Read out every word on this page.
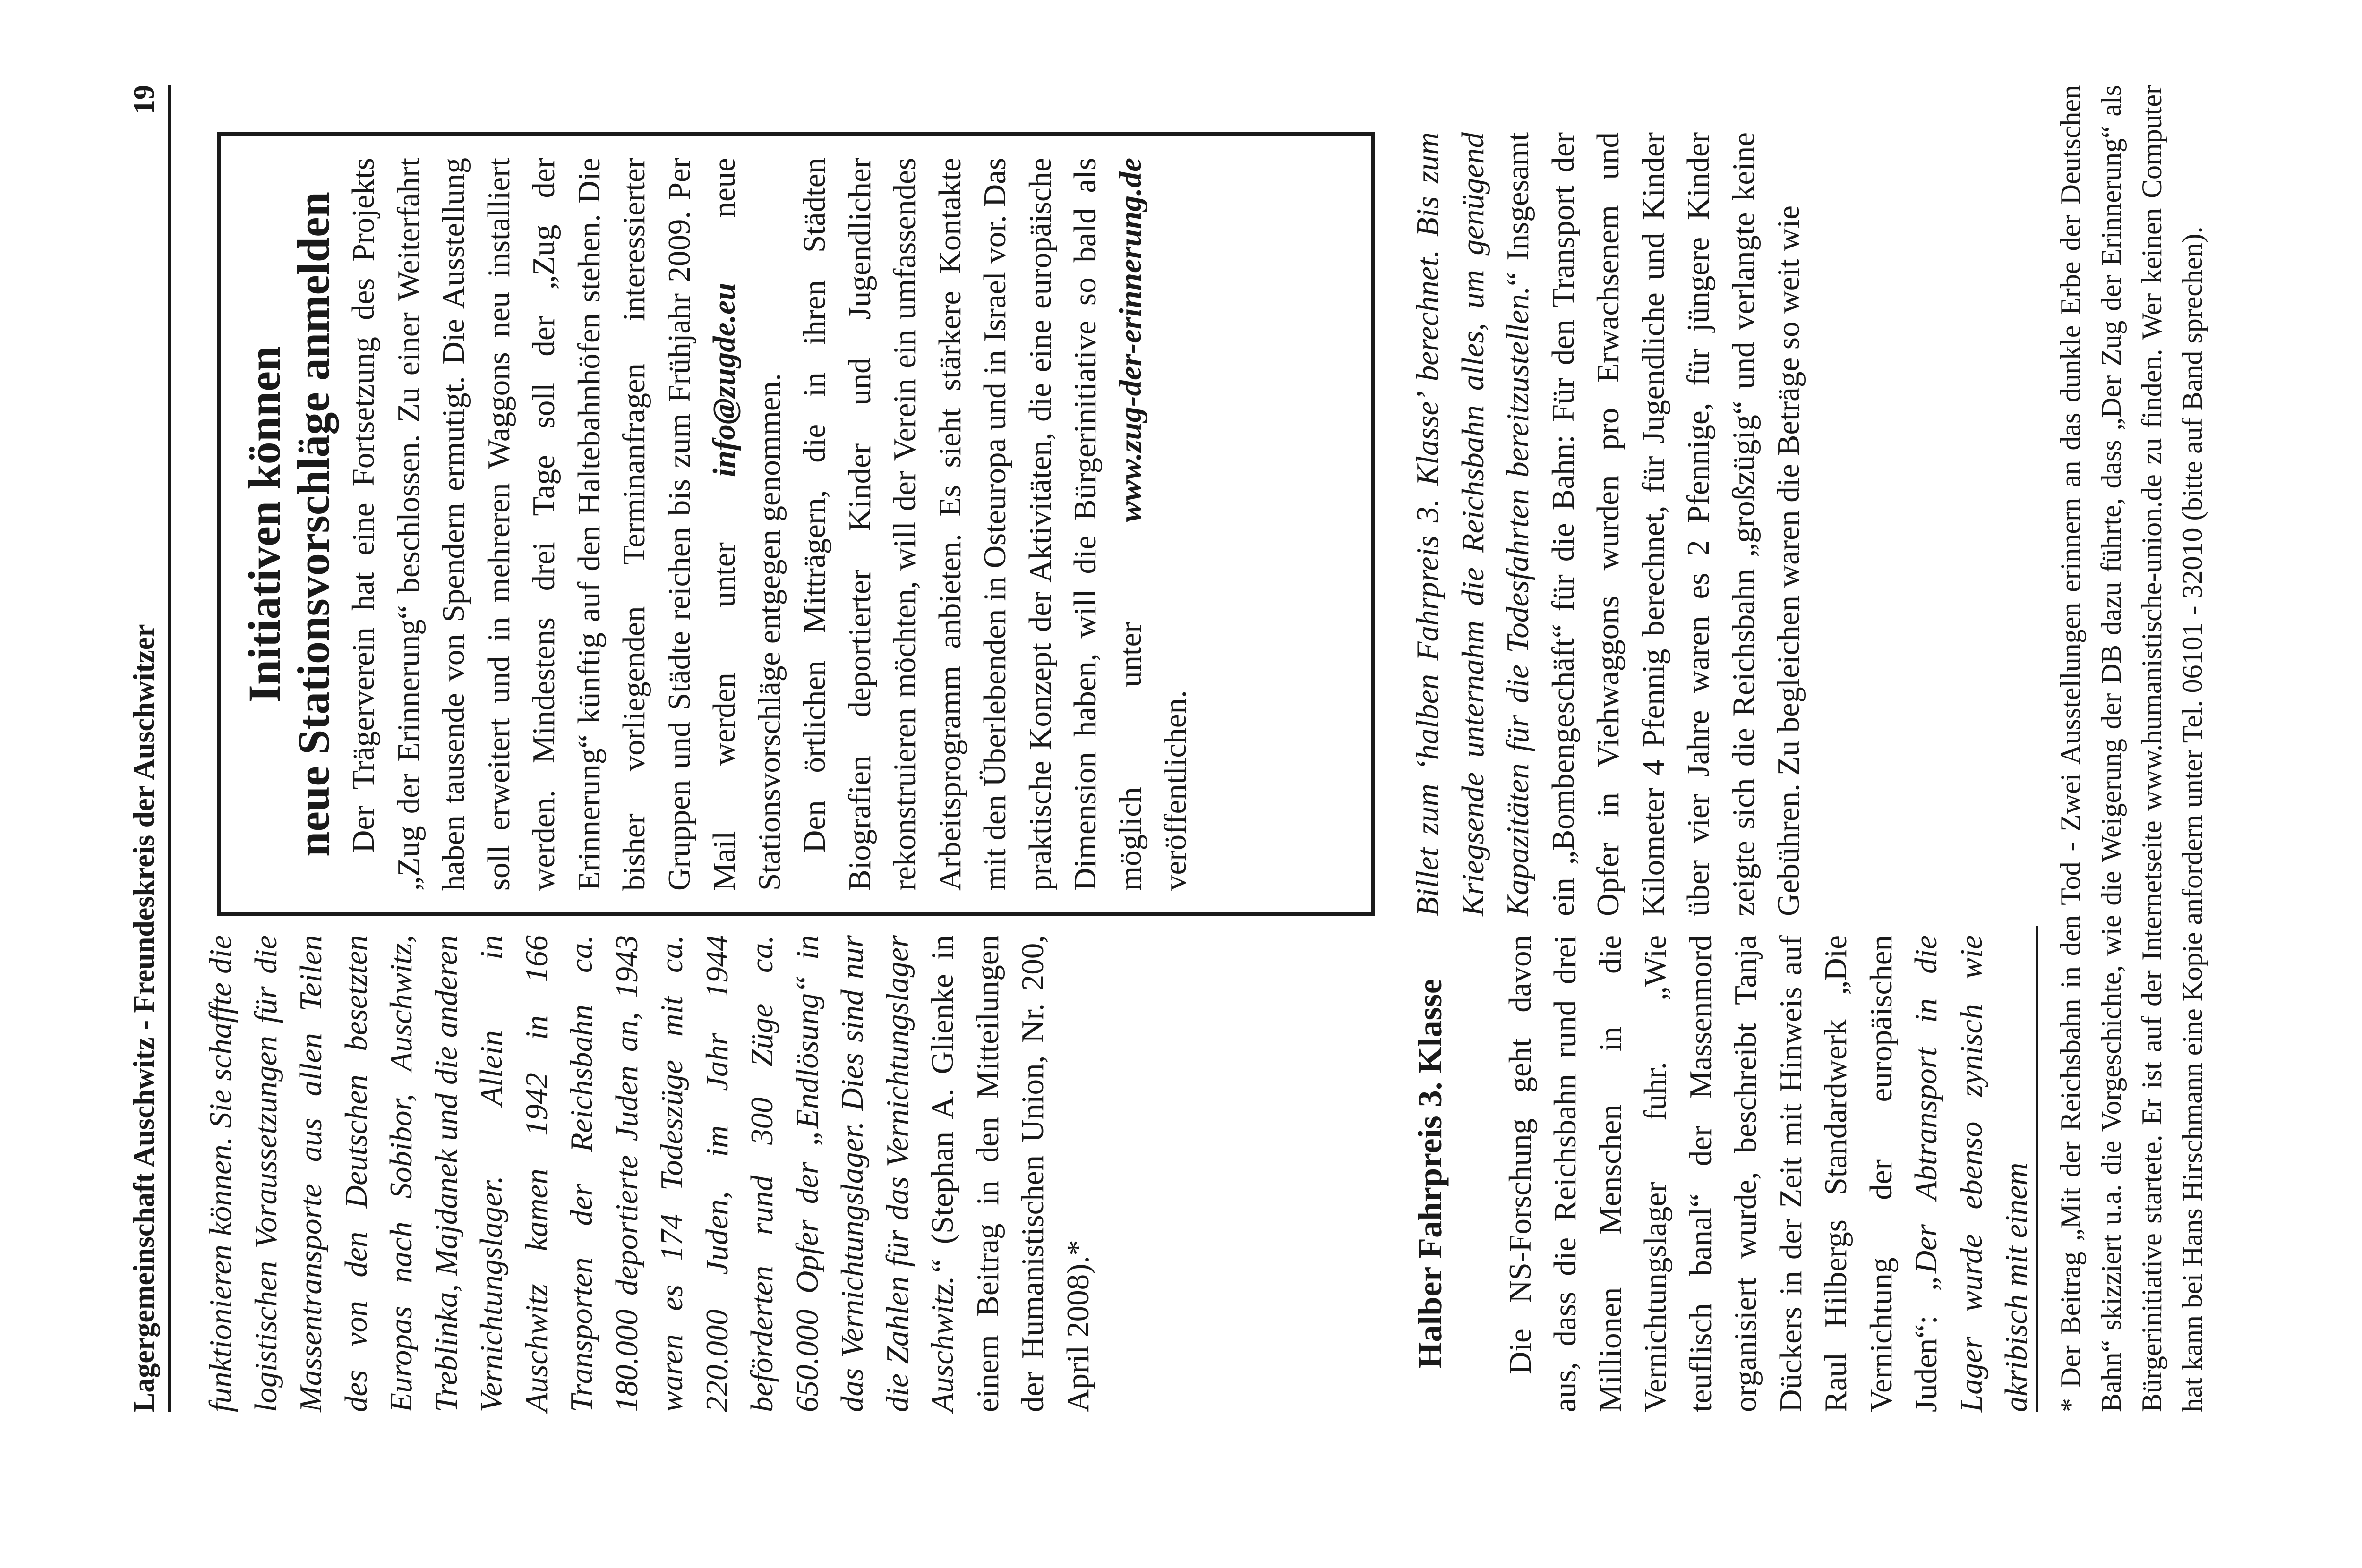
Lagergemeinschaft Auschwitz - Freundeskreis der Auschwitzer
19

funktionieren können. Sie schaffte die logistischen Voraussetzungen für die Massentransporte aus allen Teilen des von den Deutschen besetzten Europas nach Sobibor, Auschwitz, Treblinka, Majdanek und die anderen Vernichtungslager. Allein in Auschwitz kamen 1942 in 166 Transporten der Reichsbahn ca. 180.000 deportierte Juden an, 1943 waren es 174 Todeszüge mit ca. 220.000 Juden, im Jahr 1944 beförderten rund 300 Züge ca. 650.000 Opfer der „Endlösung“ in das Vernichtungslager. Dies sind nur die Zahlen für das Vernichtungslager Auschwitz.“ (Stephan A. Glienke in einem Beitrag in den Mitteilungen der Humanistischen Union, Nr. 200, April 2008).*	Halber Fahrpreis 3. Klasse Die NS-Forschung geht davon aus, dass die Reichsbahn rund drei Millionen Menschen in die Vernichtungslager fuhr. „Wie teuflisch banal“ der Massenmord organisiert wurde, beschreibt Tanja Dückers in der Zeit mit Hinweis auf Raul Hilbergs Standardwerk „Die Vernichtung der europäischen Juden“: „Der Abtransport in die Lager wurde ebenso zynisch wie akribisch mit einem

Initiativen können
neue Stationsvorschläge anmelden Der Trägerverein hat eine Fortsetzung des Projekts „Zug der Erinnerung“ beschlossen. Zu einer Weiterfahrt haben tausende von Spendern ermutigt. Die Ausstellung soll erweitert und in mehreren Waggons neu installiert werden. Mindestens drei Tage soll der „Zug der Erinnerung“ künftig auf den Haltebahnhöfen stehen. Die bisher vorliegenden Terminanfragen interessierter Gruppen und Städte reichen bis zum Frühjahr 2009. Per Mail werden unter info@zugde.eu neue Stationsvorschläge entgegen genommen. Den örtlichen Mitträgern, die in ihren Städten Biografien deportierter Kinder und Jugendlicher rekonstruieren möchten, will der Verein ein umfassendes Arbeitsprogramm anbieten. Es sieht stärkere Kontakte mit den Überlebenden in Osteuropa und in Israel vor. Das praktische Konzept der Aktivitäten, die eine europäische Dimension haben, will die Bürgerinitiative so bald als möglich unter www.zug-der-erinnerung.de veröffentlichen.	Billet zum ‘halben Fahrpreis 3. Klasse’ berechnet. Bis zum Kriegsende unternahm die Reichsbahn alles, um genügend Kapazitäten für die Todesfahrten bereitzustellen.“ Insgesamt ein „Bombengeschäft“ für die Bahn: Für den Transport der Opfer in Viehwaggons wurden pro Erwachsenem und Kilometer 4 Pfennig berechnet, für Jugendliche und Kinder über vier Jahre waren es 2 Pfennige, für jüngere Kinder zeigte sich die Reichsbahn „großzügig“ und verlangte keine Gebühren. Zu begleichen waren die Beträge so weit wie	* Der Beitrag „Mit der Reichsbahn in den Tod - Zwei Ausstellungen erinnern an das dunkle Erbe der Deutschen Bahn“ skizziert u.a. die Vorgeschichte, wie die Weigerung der DB dazu führte, dass „Der Zug der Erinnerung“ als Bürgerinitiative startete. Er ist auf der Internetseite www.humanistische-union.de zu finden. Wer keinen Computer hat kann bei Hans Hirschmann eine Kopie anfordern unter Tel. 06101 - 32010 (bitte auf Band sprechen).
